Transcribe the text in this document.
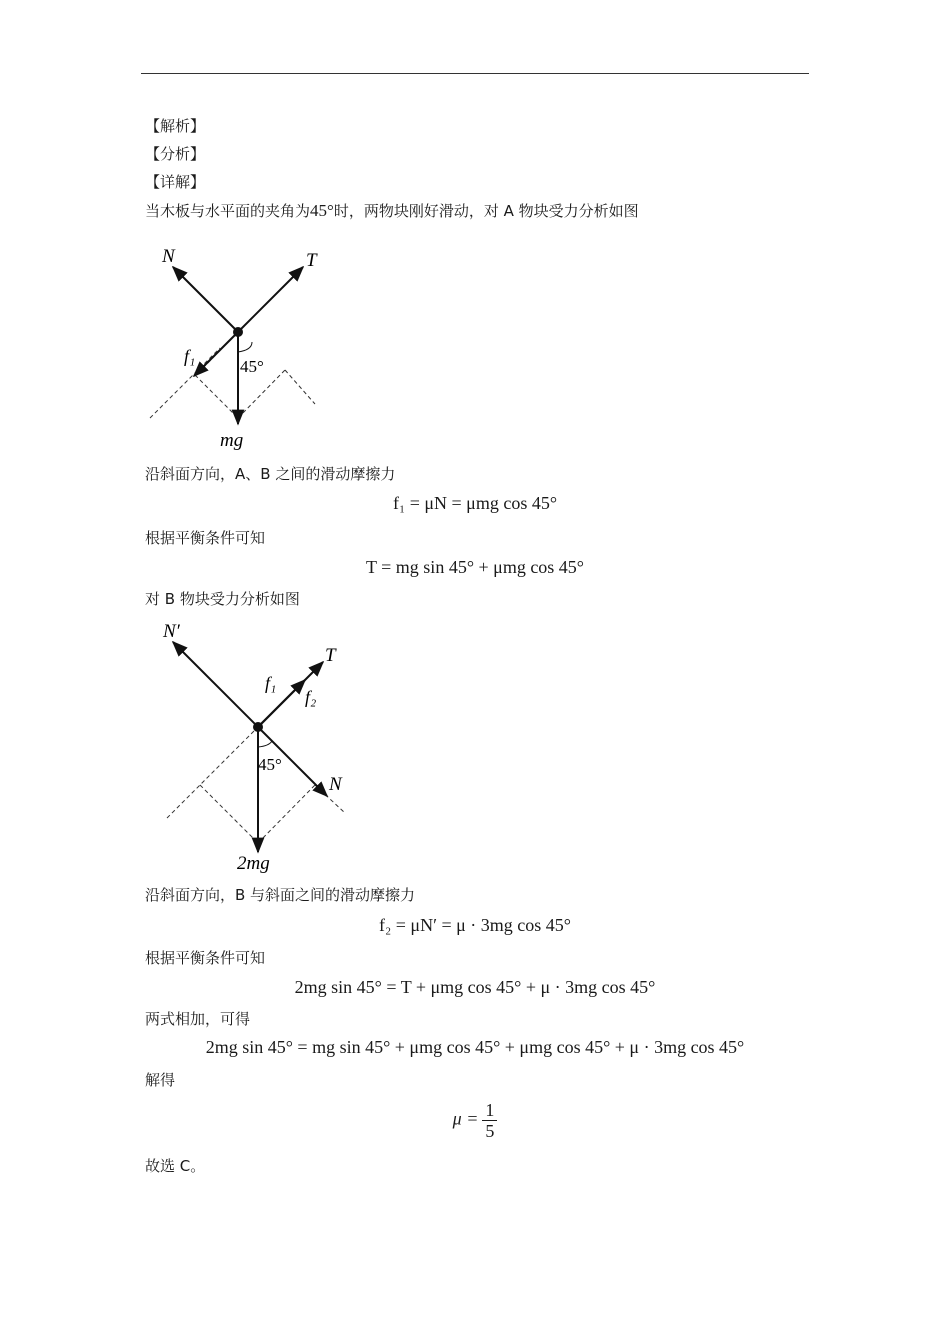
【解析】
【分析】
【详解】
当木板与水平面的夹角为45°时，两物块刚好滑动，对 A 物块受力分析如图
N	T
f₁
45°
mg
沿斜面方向，A、B 之间的滑动摩擦力
f₁ = μN = μmg cos 45°
根据平衡条件可知
T = mg sin 45° + μmg cos 45°
对 B 物块受力分析如图
N′
T
f₁
f₂
45°
N
2mg
沿斜面方向，B 与斜面之间的滑动摩擦力
f₂ = μN′ = μ · 3mg cos 45°
根据平衡条件可知
2mg sin 45° = T + μmg cos 45° + μ · 3mg cos 45°
两式相加，可得
2mg sin 45° = mg sin 45° + μmg cos 45° + μmg cos 45° + μ · 3mg cos 45°
解得
$\mu = \frac{1}{5}$
故选 C。
